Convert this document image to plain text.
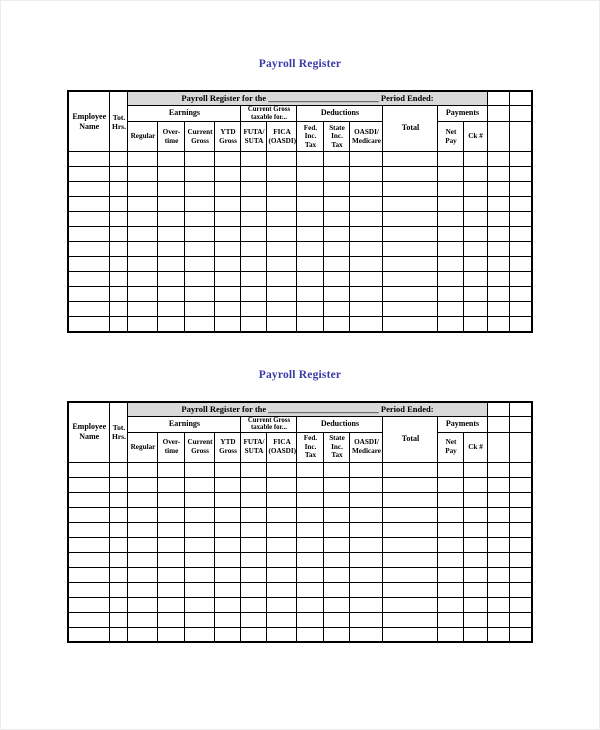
Payroll Register
Employee Name	Tot. Hrs.	Payroll Register for the __________________________ Period Ended:													
		Earnings				Current Gross taxable for...		Deductions			Total	Payments			
		Regular	Over-time	Current Gross	YTD Gross	FUTA/ SUTA	FICA (OASDI)	Fed. Inc. Tax	State Inc. Tax	OASDI/ Medicare		Net Pay	Ck #		

Payroll Register
Employee Name	Tot. Hrs.	Payroll Register for the __________________________ Period Ended:													
		Earnings				Current Gross taxable for...		Deductions			Total	Payments			
		Regular	Over-time	Current Gross	YTD Gross	FUTA/ SUTA	FICA (OASDI)	Fed. Inc. Tax	State Inc. Tax	OASDI/ Medicare		Net Pay	Ck #		
